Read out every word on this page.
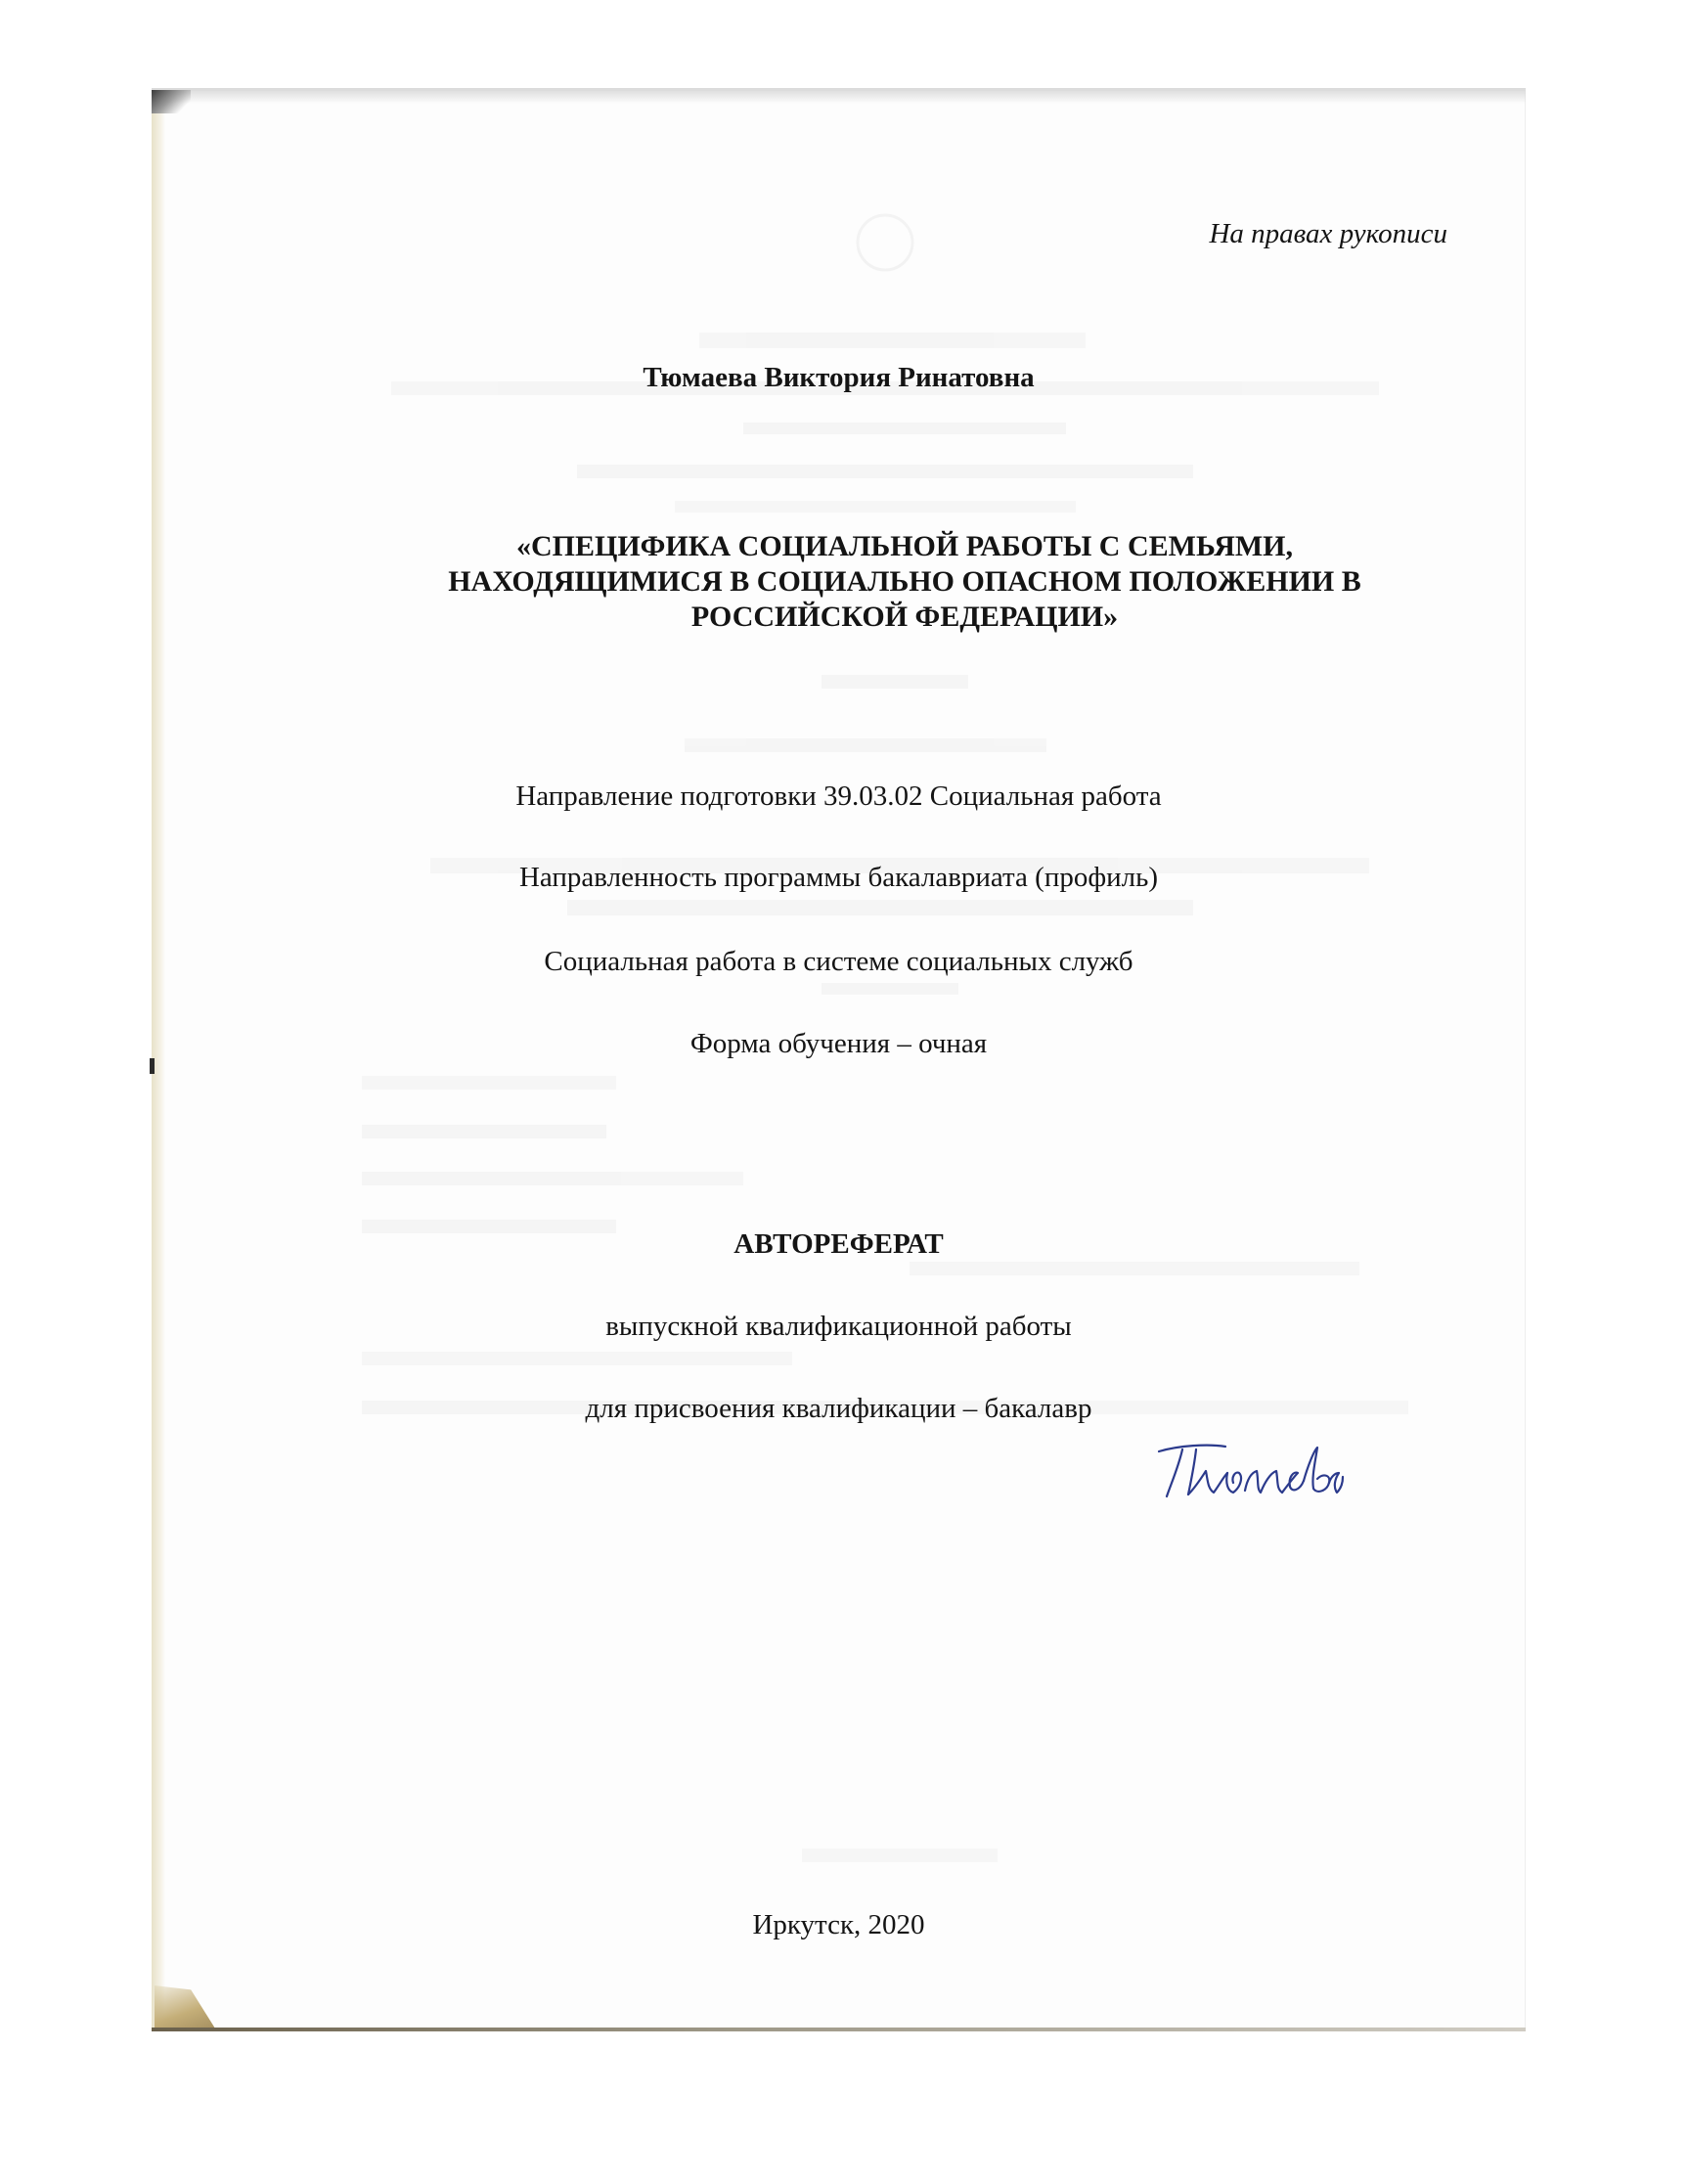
На правах рукописи

Тюмаева Виктория Ринатовна

«СПЕЦИФИКА СОЦИАЛЬНОЙ РАБОТЫ С СЕМЬЯМИ, НАХОДЯЩИМИСЯ В СОЦИАЛЬНО ОПАСНОМ ПОЛОЖЕНИИ В РОССИЙСКОЙ ФЕДЕРАЦИИ»

Направление подготовки 39.03.02 Социальная работа

Направленность программы бакалавриата (профиль)

Социальная работа в системе социальных служб

Форма обучения – очная

АВТОРЕФЕРАТ

выпускной квалификационной работы

для присвоения квалификации – бакалавр

Иркутск, 2020
